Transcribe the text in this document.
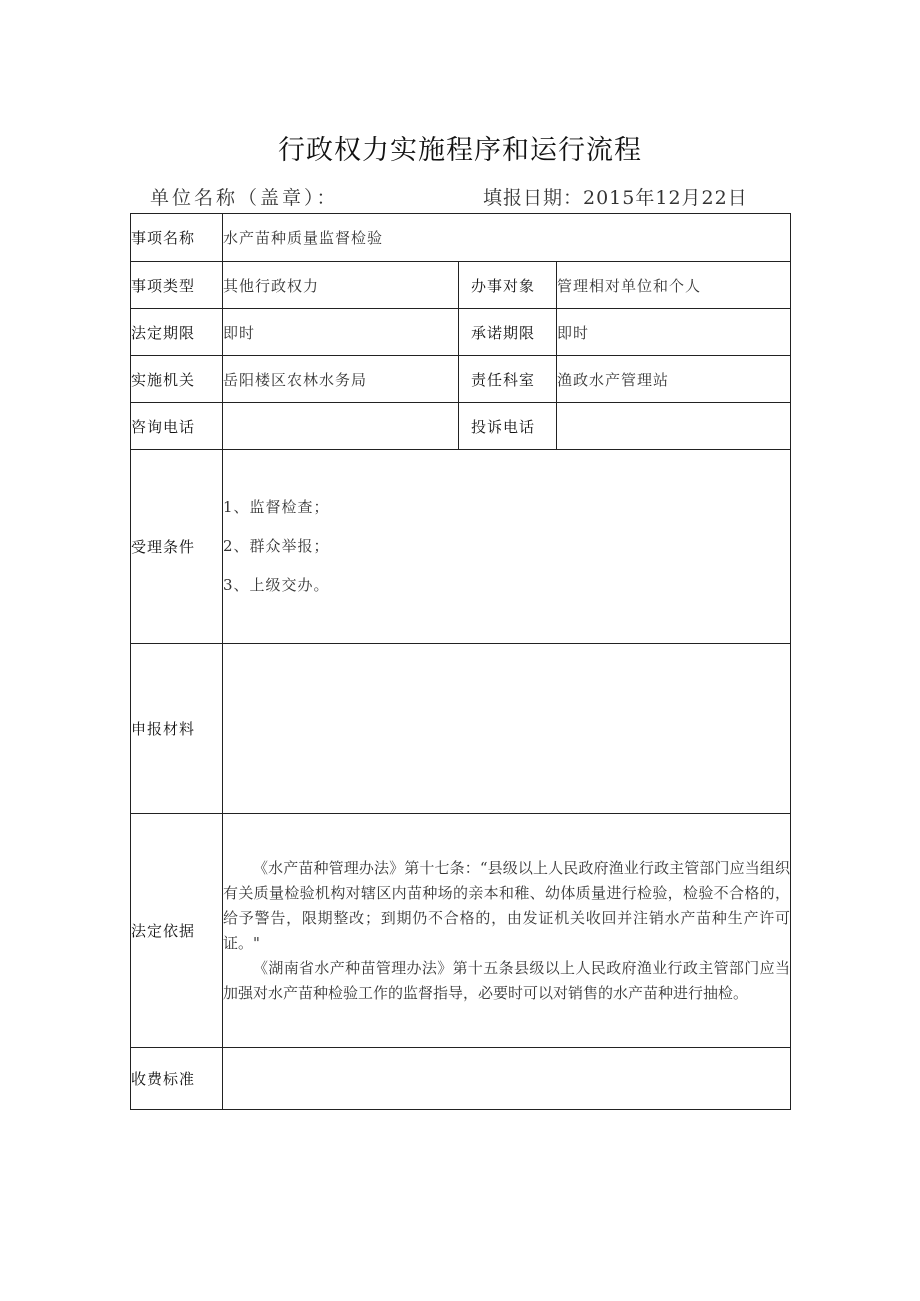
行政权力实施程序和运行流程
单位名称（盖章）：	填报日期：2015年12月22日
事项名称	水产苗种质量监督检验		
事项类型	其他行政权力	办事对象	管理相对单位和个人
法定期限	即时	承诺期限	即时
实施机关	岳阳楼区农林水务局	责任科室	渔政水产管理站
咨询电话		投诉电话	
受理条件	1、监督检查；
2、群众举报；
3、上级交办。		

申报材料			
法定依据	《水产苗种管理办法》第十七条：“县级以上人民政府渔业行政主管部门应当组织有关质量检验机构对辖区内苗种场的亲本和稚、幼体质量进行检验，检验不合格的，给予警告，限期整改；到期仍不合格的，由发证机关收回并注销水产苗种生产许可证。"

《湖南省水产种苗管理办法》第十五条县级以上人民政府渔业行政主管部门应当加强对水产苗种检验工作的监督指导，必要时可以对销售的水产苗种进行抽检。		

收费标准			
